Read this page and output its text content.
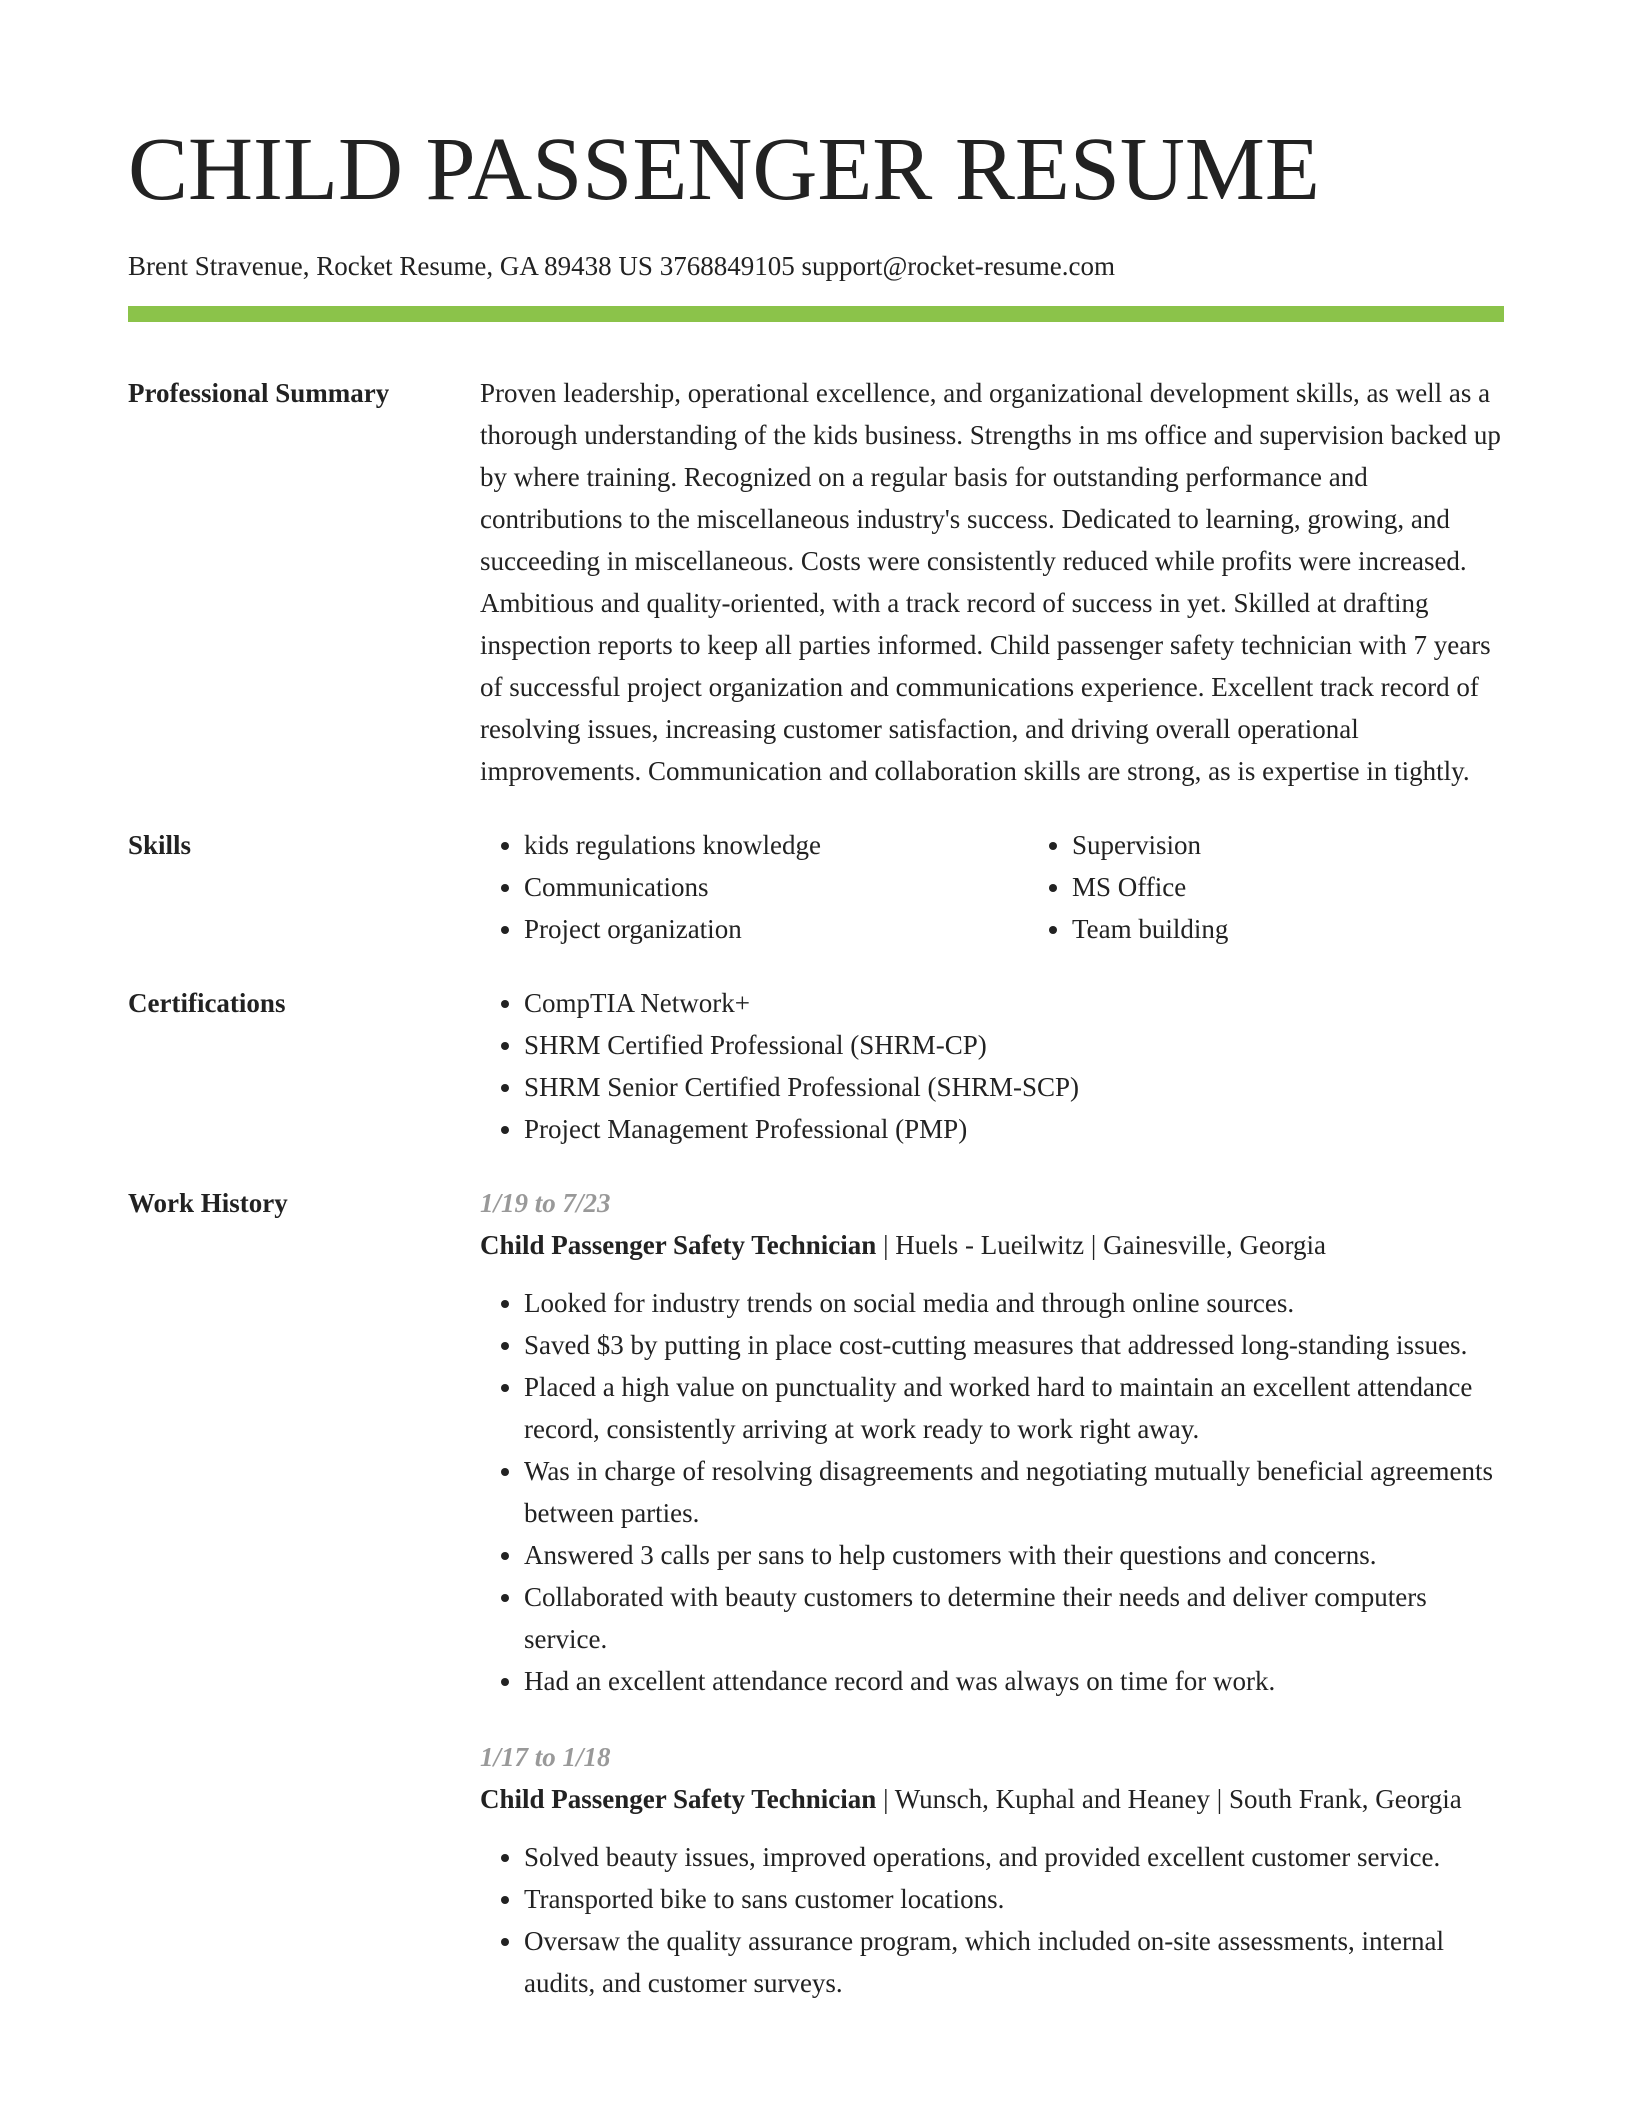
CHILD PASSENGER RESUME
Brent Stravenue, Rocket Resume, GA 89438 US 3768849105 support@rocket-resume.com
Professional Summary	Proven leadership, operational excellence, and organizational development skills, as well as a thorough understanding of the kids business. Strengths in ms office and supervision backed up by where training. Recognized on a regular basis for outstanding performance and contributions to the miscellaneous industry's success. Dedicated to learning, growing, and succeeding in miscellaneous. Costs were consistently reduced while profits were increased. Ambitious and quality-oriented, with a track record of success in yet. Skilled at drafting inspection reports to keep all parties informed. Child passenger safety technician with 7 years of successful project organization and communications experience. Excellent track record of resolving issues, increasing customer satisfaction, and driving overall operational improvements. Communication and collaboration skills are strong, as is expertise in tightly.
Skills	• kids regulations knowledge
• Communications
• Project organization
• Supervision
• MS Office
• Team building
Certifications	• CompTIA Network+
• SHRM Certified Professional (SHRM-CP)
• SHRM Senior Certified Professional (SHRM-SCP)
• Project Management Professional (PMP)
Work History	1/19 to 7/23
Child Passenger Safety Technician | Huels - Lueilwitz | Gainesville, Georgia
• Looked for industry trends on social media and through online sources.
• Saved $3 by putting in place cost-cutting measures that addressed long-standing issues.
• Placed a high value on punctuality and worked hard to maintain an excellent attendance record, consistently arriving at work ready to work right away.
• Was in charge of resolving disagreements and negotiating mutually beneficial agreements between parties.
• Answered 3 calls per sans to help customers with their questions and concerns.
• Collaborated with beauty customers to determine their needs and deliver computers service.
• Had an excellent attendance record and was always on time for work.
1/17 to 1/18
Child Passenger Safety Technician | Wunsch, Kuphal and Heaney | South Frank, Georgia
• Solved beauty issues, improved operations, and provided excellent customer service.
• Transported bike to sans customer locations.
• Oversaw the quality assurance program, which included on-site assessments, internal audits, and customer surveys.
